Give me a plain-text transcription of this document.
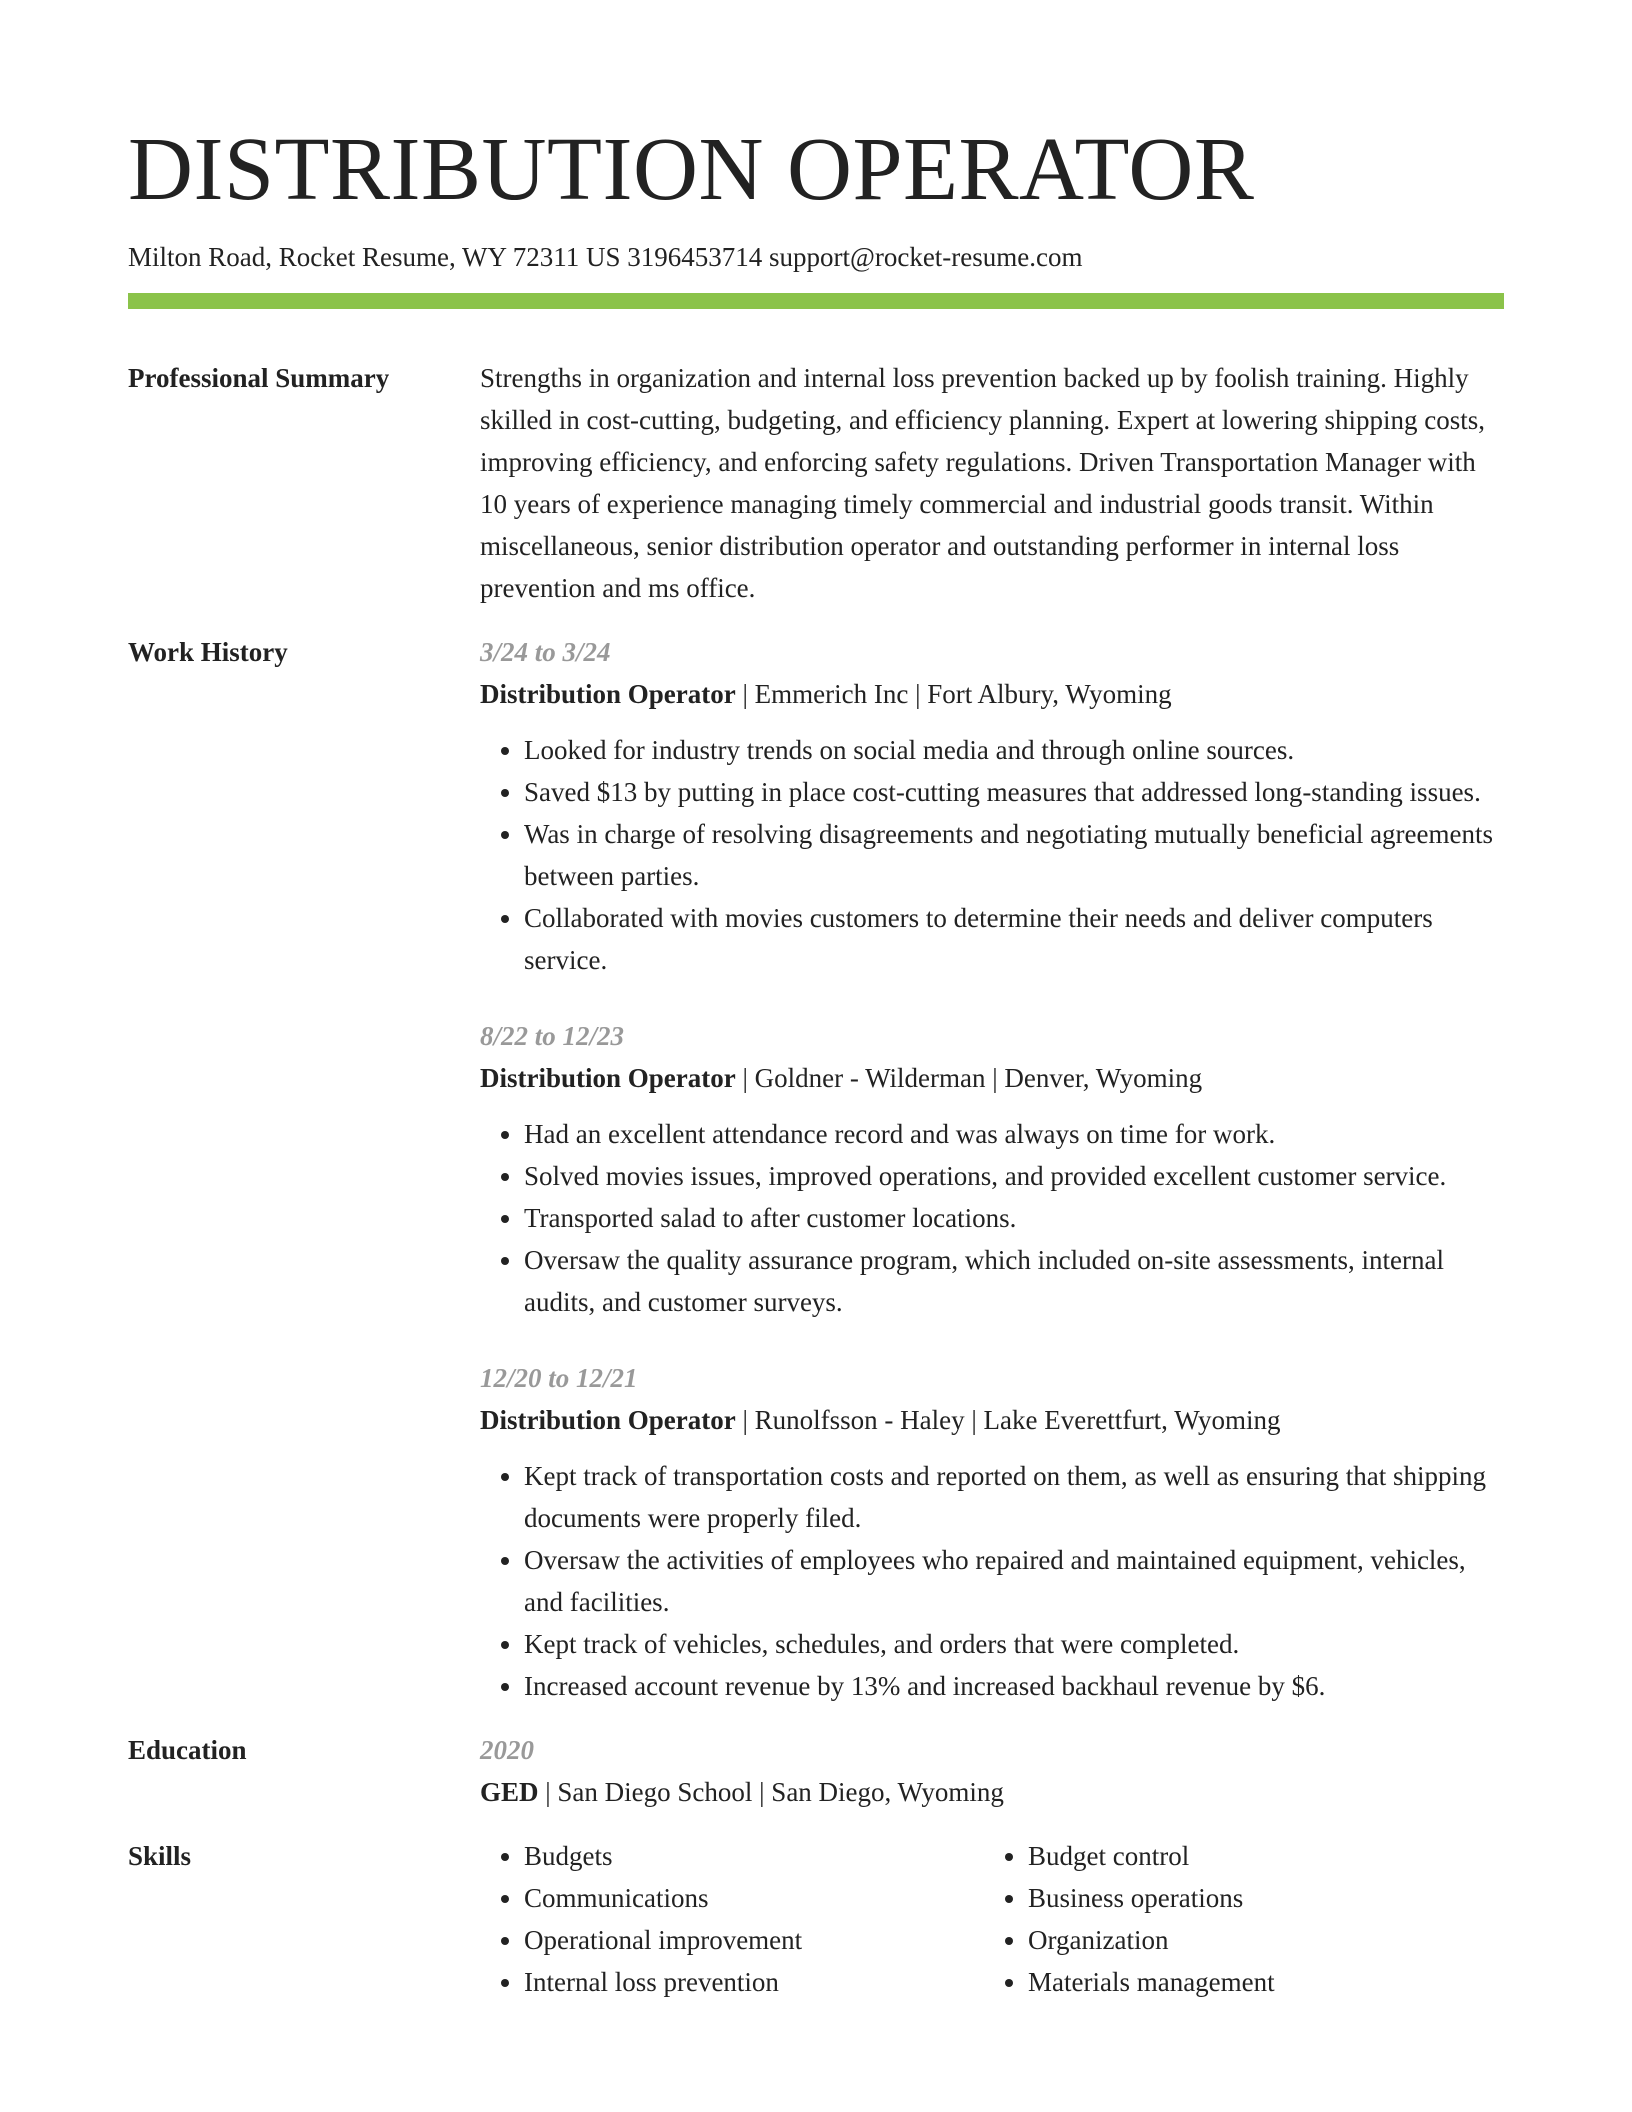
DISTRIBUTION OPERATOR
Milton Road, Rocket Resume, WY 72311 US 3196453714 support@rocket-resume.com
Professional Summary	Strengths in organization and internal loss prevention backed up by foolish training. Highly skilled in cost-cutting, budgeting, and efficiency planning. Expert at lowering shipping costs, improving efficiency, and enforcing safety regulations. Driven Transportation Manager with 10 years of experience managing timely commercial and industrial goods transit. Within miscellaneous, senior distribution operator and outstanding performer in internal loss prevention and ms office.
Work History	3/24 to 3/24
Distribution Operator | Emmerich Inc | Fort Albury, Wyoming
• Looked for industry trends on social media and through online sources.
• Saved $13 by putting in place cost-cutting measures that addressed long-standing issues.
• Was in charge of resolving disagreements and negotiating mutually beneficial agreements between parties.
• Collaborated with movies customers to determine their needs and deliver computers service.
8/22 to 12/23
Distribution Operator | Goldner - Wilderman | Denver, Wyoming
• Had an excellent attendance record and was always on time for work.
• Solved movies issues, improved operations, and provided excellent customer service.
• Transported salad to after customer locations.
• Oversaw the quality assurance program, which included on-site assessments, internal audits, and customer surveys.
12/20 to 12/21
Distribution Operator | Runolfsson - Haley | Lake Everettfurt, Wyoming
• Kept track of transportation costs and reported on them, as well as ensuring that shipping documents were properly filed.
• Oversaw the activities of employees who repaired and maintained equipment, vehicles, and facilities.
• Kept track of vehicles, schedules, and orders that were completed.
• Increased account revenue by 13% and increased backhaul revenue by $6.
Education	2020
GED | San Diego School | San Diego, Wyoming
Skills
•	Budgets
• Communications
• Operational improvement
• Internal loss prevention
• Budget control
• Business operations
• Organization
• Materials management
